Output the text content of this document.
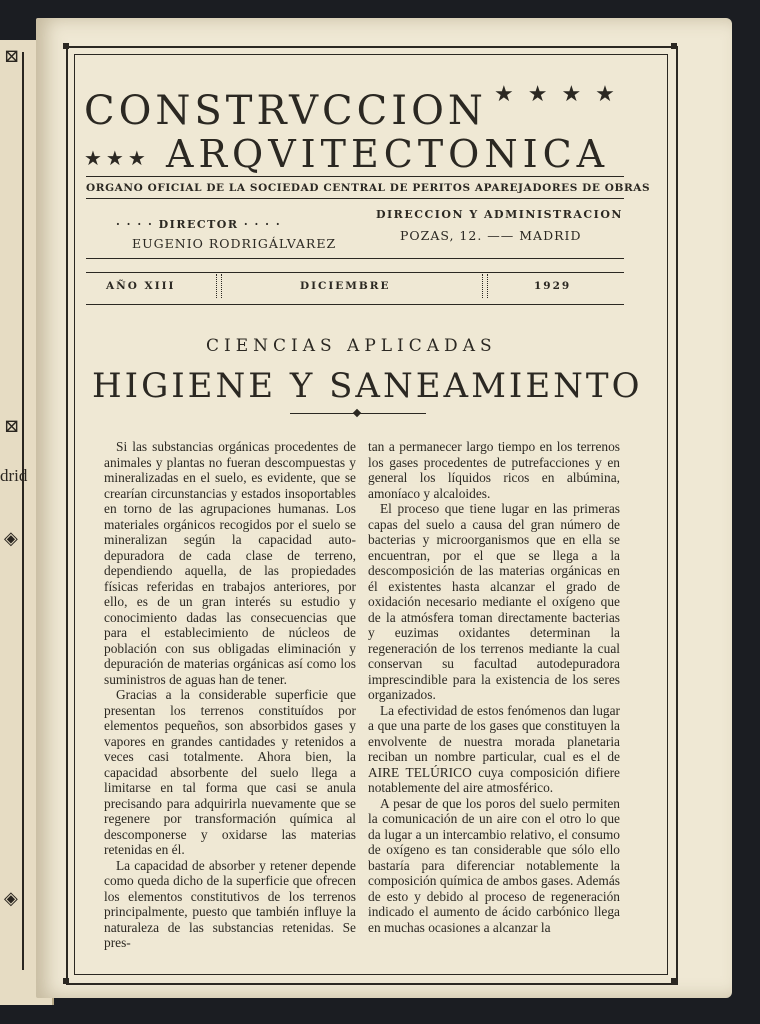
⊠
⊠
drid
◈
◈
CONSTRVCCION ★★★★
★★★ ARQVITECTONICA
ORGANO OFICIAL DE LA SOCIEDAD CENTRAL DE PERITOS APAREJADORES DE OBRAS
· · · · DIRECTOR · · · ·
EUGENIO RODRIGÁLVAREZ
DIRECCION Y ADMINISTRACION
POZAS, 12. —— MADRID
AÑO XIII	DICIEMBRE	1929
CIENCIAS APLICADAS
HIGIENE Y SANEAMIENTO

Si las substancias orgánicas procedentes de animales y plantas no fueran descompuestas y mineralizadas en el suelo, es evidente, que se crearían circunstancias y estados insoportables en torno de las agrupaciones humanas. Los materiales orgánicos recogidos por el suelo se mineralizan según la capacidad auto-depuradora de cada clase de terreno, dependiendo aquella, de las propiedades físicas referidas en trabajos anteriores, por ello, es de un gran interés su estudio y conocimiento dadas las consecuencias que para el establecimiento de núcleos de población con sus obligadas eliminación y depuración de materias orgánicas así como los suministros de aguas han de tener.

Gracias a la considerable superficie que presentan los terrenos constituídos por elementos pequeños, son absorbidos gases y vapores en grandes cantidades y retenidos a veces casi totalmente. Ahora bien, la capacidad absorbente del suelo llega a limitarse en tal forma que casi se anula precisando para adquirirla nuevamente que se regenere por transformación química al descomponerse y oxidarse las materias retenidas en él.

La capacidad de absorber y retener depende como queda dicho de la superficie que ofrecen los elementos constitutivos de los terrenos principalmente, puesto que también influye la naturaleza de las substancias retenidas. Se pres-

tan a permanecer largo tiempo en los terrenos los gases procedentes de putrefacciones y en general los líquidos ricos en albúmina, amoníaco y alcaloides.

El proceso que tiene lugar en las primeras capas del suelo a causa del gran número de bacterias y microorganismos que en ella se encuentran, por el que se llega a la descomposición de las materias orgánicas en él existentes hasta alcanzar el grado de oxidación necesario mediante el oxígeno que de la atmósfera toman directamente bacterias y euzimas oxidantes determinan la regeneración de los terrenos mediante la cual conservan su facultad autodepuradora imprescindible para la existencia de los seres organizados.

La efectividad de estos fenómenos dan lugar a que una parte de los gases que constituyen la envolvente de nuestra morada planetaria reciban un nombre particular, cual es el de AIRE TELÚRICO cuya composición difiere notablemente del aire atmosférico.

A pesar de que los poros del suelo permiten la comunicación de un aire con el otro lo que da lugar a un intercambio relativo, el consumo de oxígeno es tan considerable que sólo ello bastaría para diferenciar notablemente la composición química de ambos gases. Además de esto y debido al proceso de regeneración indicado el aumento de ácido carbónico llega en muchas ocasiones a alcanzar la
